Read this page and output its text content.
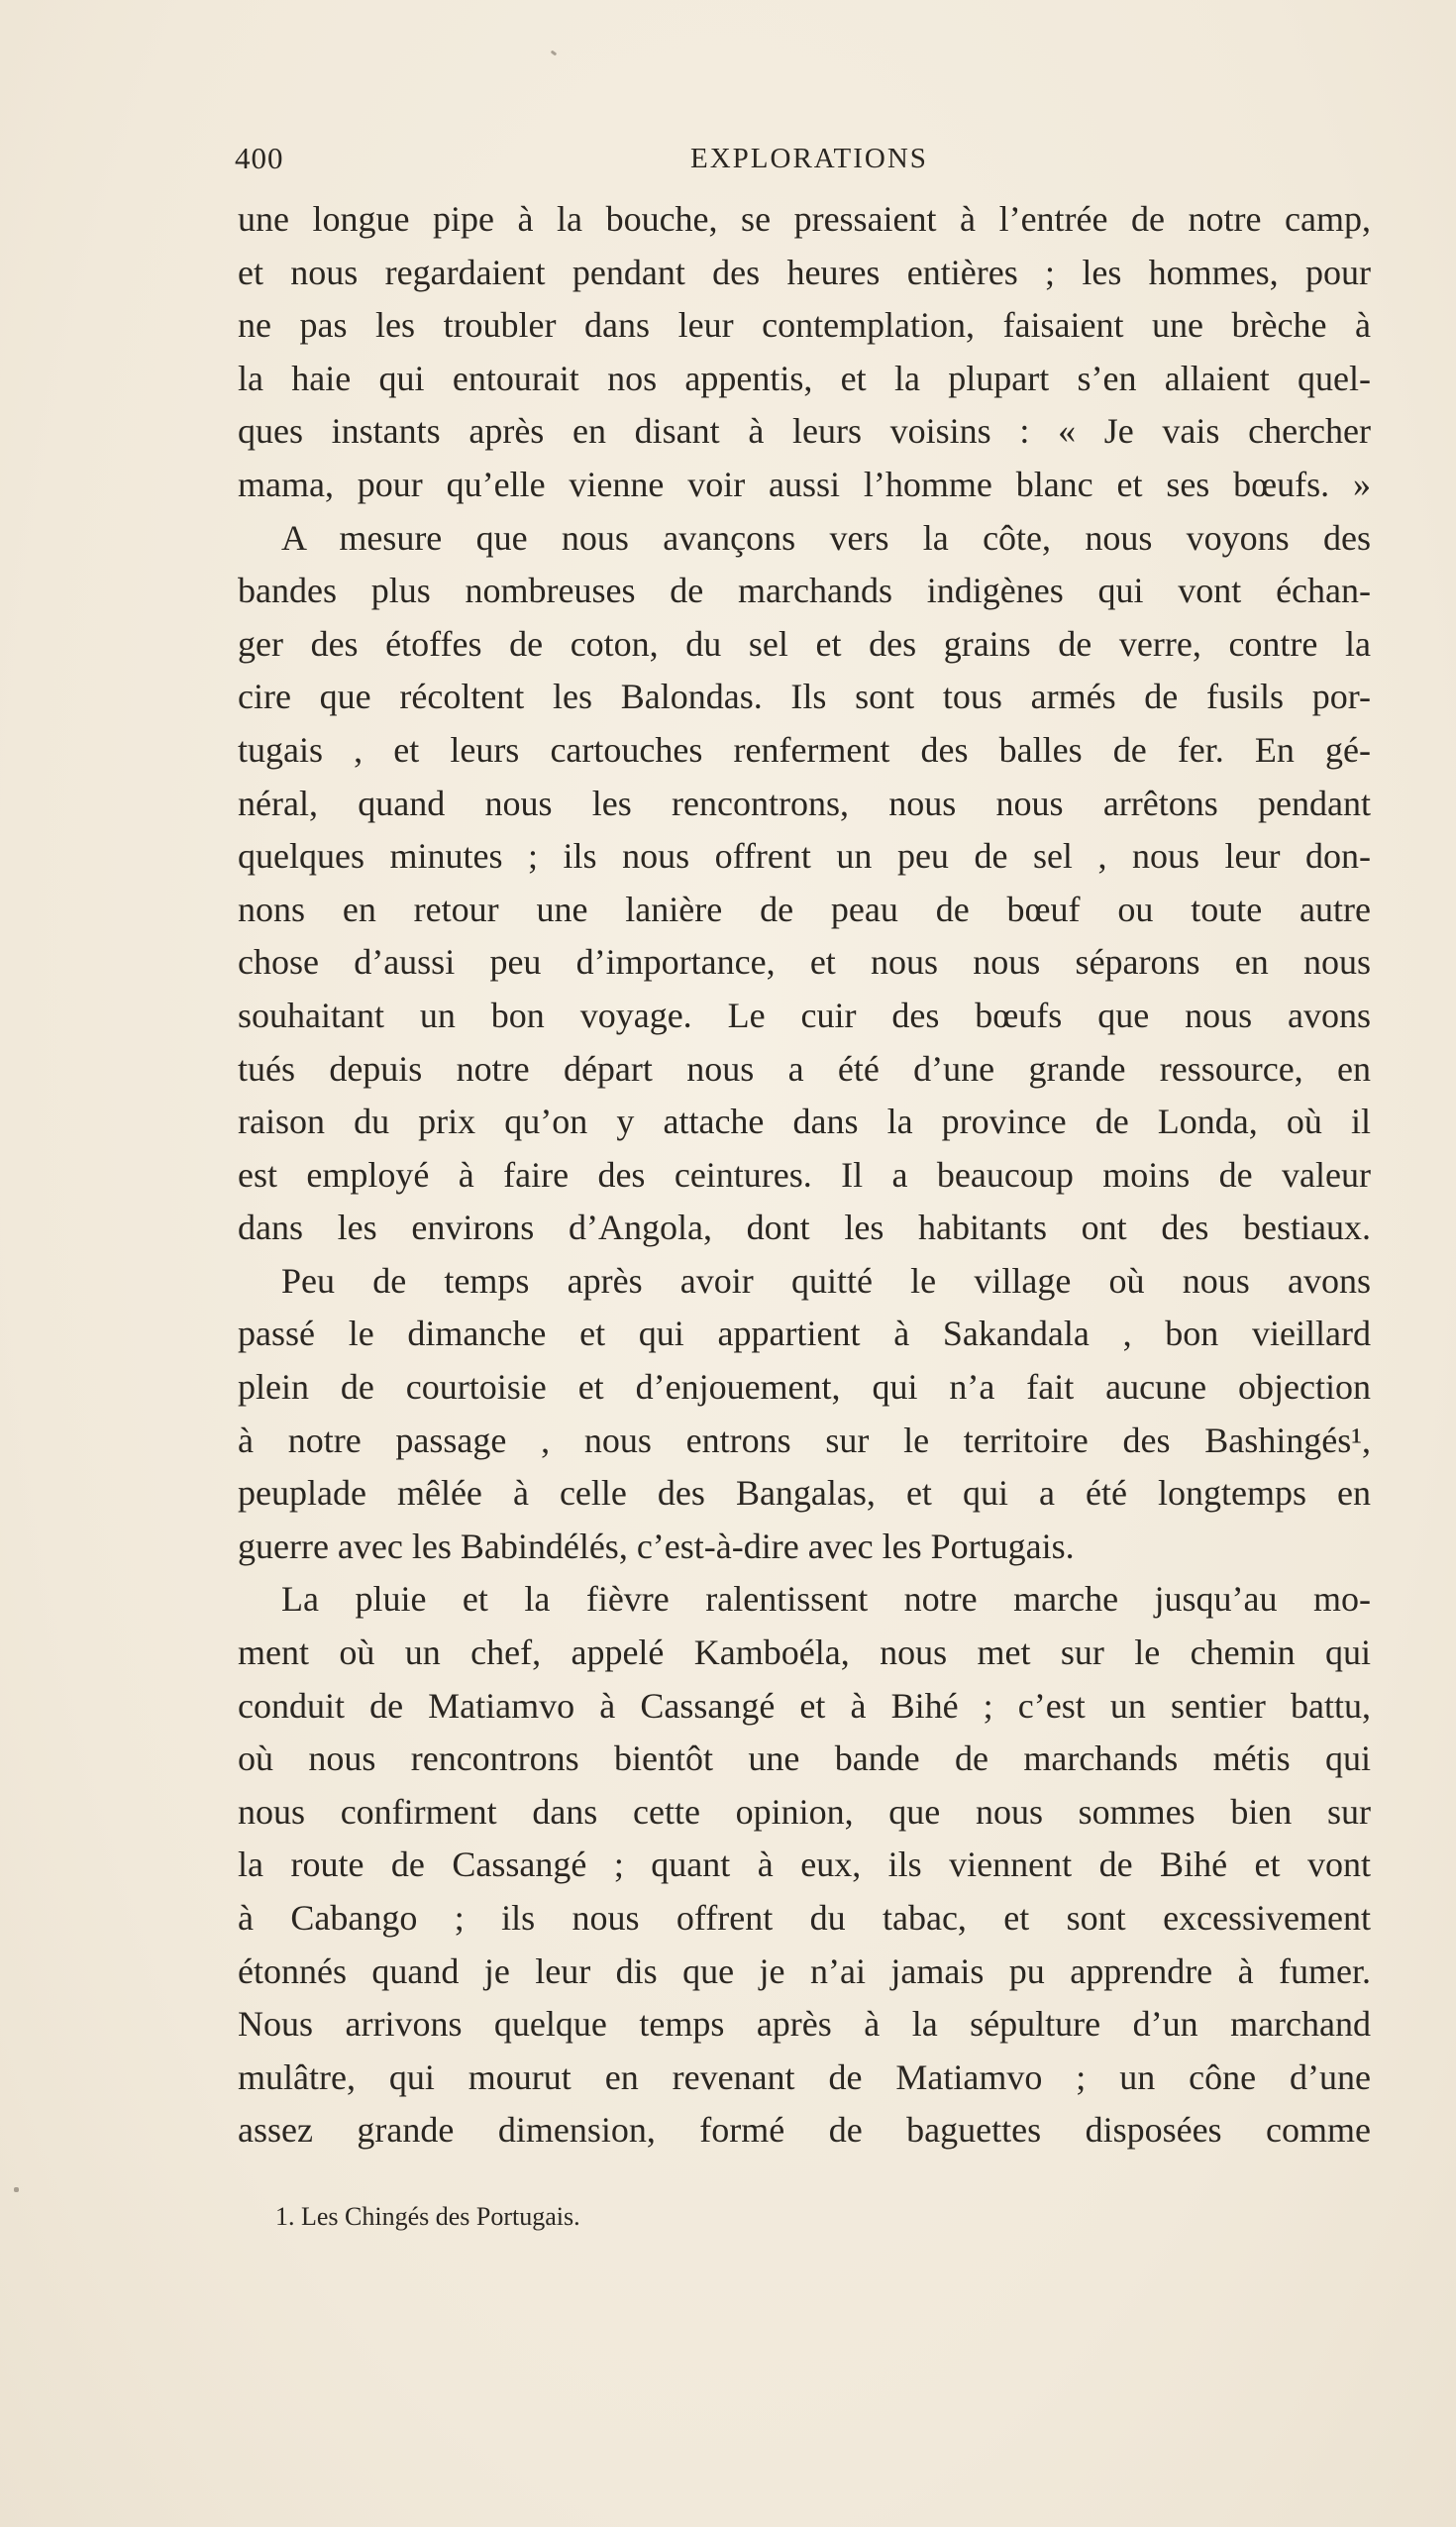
400	EXPLORATIONS
une longue pipe à la bouche, se pressaient à l’entrée de notre camp,
et nous regardaient pendant des heures entières ; les hommes, pour
ne pas les troubler dans leur contemplation, faisaient une brèche à
la haie qui entourait nos appentis, et la plupart s’en allaient quel-
ques instants après en disant à leurs voisins : « Je vais chercher
mama, pour qu’elle vienne voir aussi l’homme blanc et ses bœufs. »
A mesure que nous avançons vers la côte, nous voyons des
bandes plus nombreuses de marchands indigènes qui vont échan-
ger des étoffes de coton, du sel et des grains de verre, contre la
cire que récoltent les Balondas. Ils sont tous armés de fusils por-
tugais , et leurs cartouches renferment des balles de fer. En gé-
néral, quand nous les rencontrons, nous nous arrêtons pendant
quelques minutes ; ils nous offrent un peu de sel , nous leur don-
nons en retour une lanière de peau de bœuf ou toute autre
chose d’aussi peu d’importance, et nous nous séparons en nous
souhaitant un bon voyage. Le cuir des bœufs que nous avons
tués depuis notre départ nous a été d’une grande ressource, en
raison du prix qu’on y attache dans la province de Londa, où il
est employé à faire des ceintures. Il a beaucoup moins de valeur
dans les environs d’Angola, dont les habitants ont des bestiaux.
Peu de temps après avoir quitté le village où nous avons
passé le dimanche et qui appartient à Sakandala , bon vieillard
plein de courtoisie et d’enjouement, qui n’a fait aucune objection
à notre passage , nous entrons sur le territoire des Bashingés¹,
peuplade mêlée à celle des Bangalas, et qui a été longtemps en
guerre avec les Babindélés, c’est-à-dire avec les Portugais.
La pluie et la fièvre ralentissent notre marche jusqu’au mo-
ment où un chef, appelé Kamboéla, nous met sur le chemin qui
conduit de Matiamvo à Cassangé et à Bihé ; c’est un sentier battu,
où nous rencontrons bientôt une bande de marchands métis qui
nous confirment dans cette opinion, que nous sommes bien sur
la route de Cassangé ; quant à eux, ils viennent de Bihé et vont
à Cabango ; ils nous offrent du tabac, et sont excessivement
étonnés quand je leur dis que je n’ai jamais pu apprendre à fumer.
Nous arrivons quelque temps après à la sépulture d’un marchand
mulâtre, qui mourut en revenant de Matiamvo ; un cône d’une
assez grande dimension, formé de baguettes disposées comme
1. Les Chingés des Portugais.
